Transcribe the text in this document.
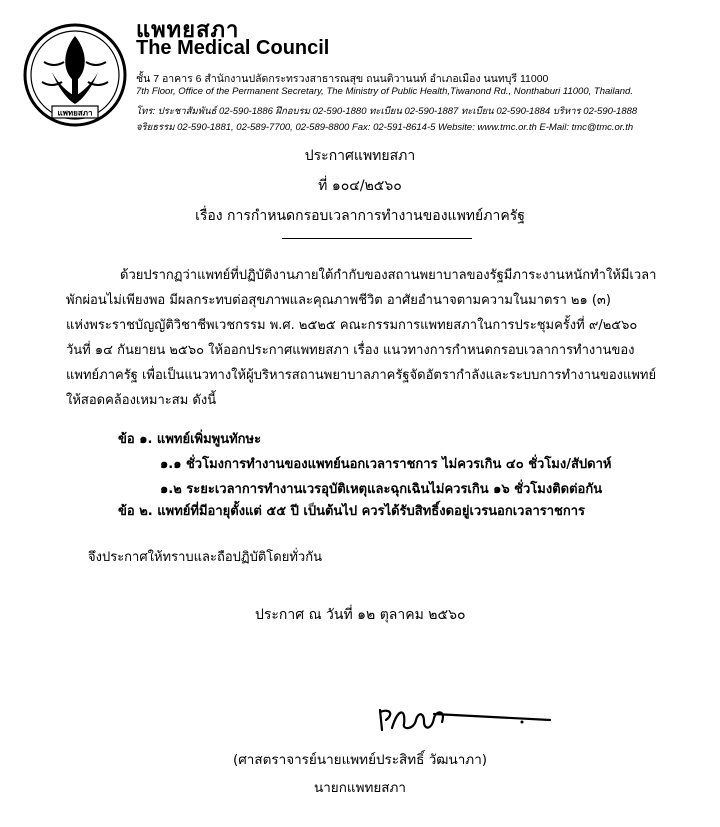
แพทยสภา
แพทยสภา
The Medical Council
ชั้น 7 อาคาร 6 สำนักงานปลัดกระทรวงสาธารณสุข ถนนติวานนท์ อำเภอเมือง นนทบุรี 11000
7th Floor, Office of the Permanent Secretary, The Ministry of Public Health,Tiwanond Rd., Nonthaburi 11000, Thailand.
โทร: ประชาสัมพันธ์ 02-590-1886 ฝึกอบรม 02-590-1880 ทะเบียน 02-590-1887 ทะเบียน 02-590-1884 บริหาร 02-590-1888
จริยธรรม 02-590-1881, 02-589-7700, 02-589-8800 Fax: 02-591-8614-5 Website: www.tmc.or.th E-Mail: tmc@tmc.or.th
ประกาศแพทยสภา
ที่ ๑๐๔/๒๕๖๐
เรื่อง การกำหนดกรอบเวลาการทำงานของแพทย์ภาครัฐ
ด้วยปรากฏว่าแพทย์ที่ปฏิบัติงานภายใต้กำกับของสถานพยาบาลของรัฐมีภาระงานหนักทำให้มีเวลา
พักผ่อนไม่เพียงพอ มีผลกระทบต่อสุขภาพและคุณภาพชีวิต อาศัยอำนาจตามความในมาตรา ๒๑ (๓)
แห่งพระราชบัญญัติวิชาชีพเวชกรรม พ.ศ. ๒๕๒๕ คณะกรรมการแพทยสภาในการประชุมครั้งที่ ๙/๒๕๖๐
วันที่ ๑๔ กันยายน ๒๕๖๐ ให้ออกประกาศแพทยสภา เรื่อง แนวทางการกำหนดกรอบเวลาการทำงานของ
แพทย์ภาครัฐ เพื่อเป็นแนวทางให้ผู้บริหารสถานพยาบาลภาครัฐจัดอัตรากำลังและระบบการทำงานของแพทย์
ให้สอดคล้องเหมาะสม ดังนี้
ข้อ ๑. แพทย์เพิ่มพูนทักษะ
๑.๑ ชั่วโมงการทำงานของแพทย์นอกเวลาราชการ ไม่ควรเกิน ๔๐ ชั่วโมง/สัปดาห์
๑.๒ ระยะเวลาการทำงานเวรอุบัติเหตุและฉุกเฉินไม่ควรเกิน ๑๖ ชั่วโมงติดต่อกัน
ข้อ ๒. แพทย์ที่มีอายุตั้งแต่ ๕๕ ปี เป็นต้นไป ควรได้รับสิทธิ์งดอยู่เวรนอกเวลาราชการ
จึงประกาศให้ทราบและถือปฏิบัติโดยทั่วกัน
ประกาศ ณ วันที่ ๑๒ ตุลาคม ๒๕๖๐
(ศาสตราจารย์นายแพทย์ประสิทธิ์ วัฒนาภา)
นายกแพทยสภา
